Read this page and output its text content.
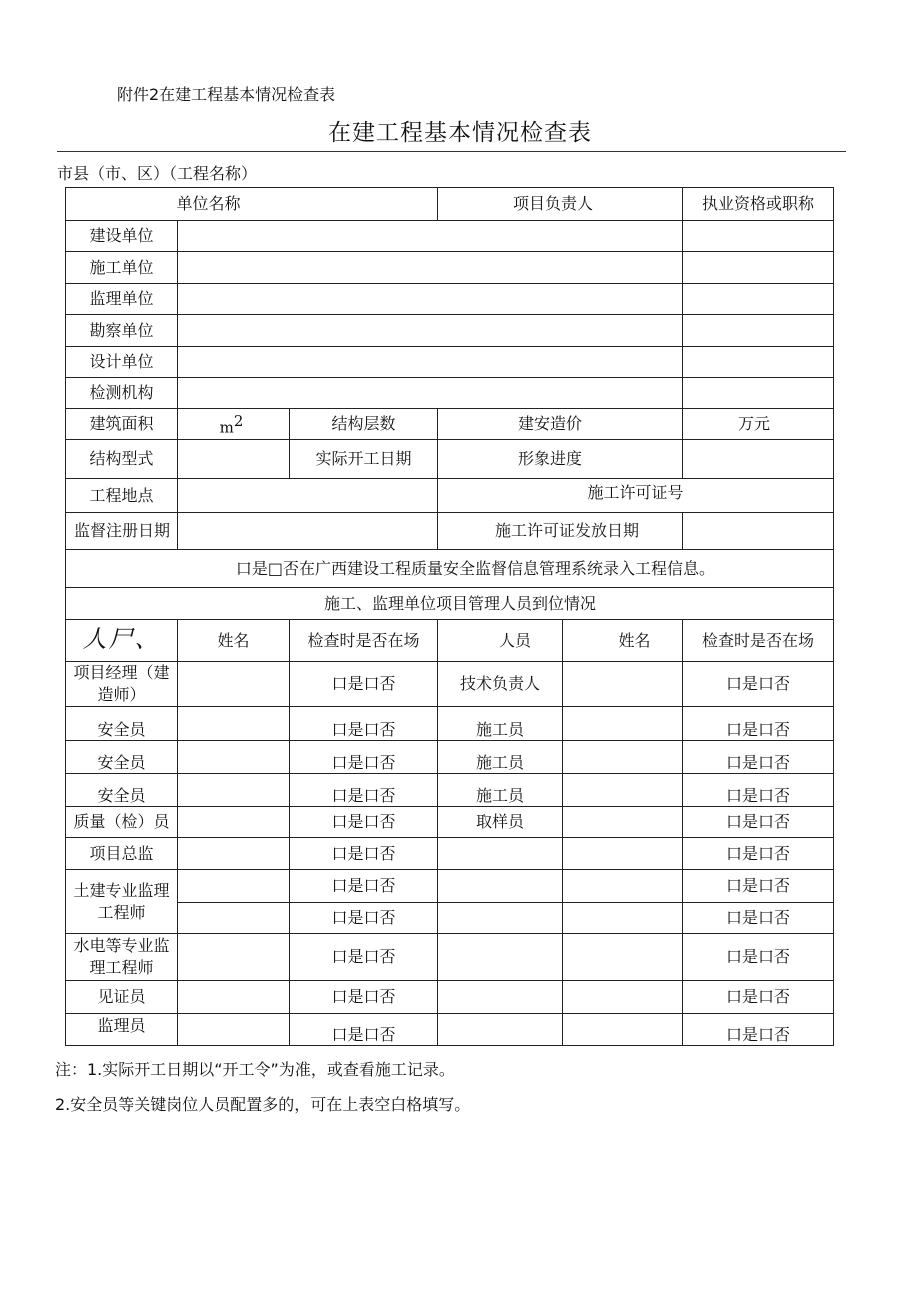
附件2在建工程基本情况检查表
在建工程基本情况检查表
市县（市、区）（工程名称）
单位名称			项目负责人		执业资格或职称
建设单位					
施工单位					
监理单位					
勘察单位					
设计单位					
检测机构					
建筑面积	m2	结构层数	建安造价		万元
结构型式		实际开工日期	形象进度		
工程地点			施工许可证号		
监督注册日期			施工许可证发放日期		
口是□否在广西建设工程质量安全监督信息管理系统录入工程信息。					
施工、监理单位项目管理人员到位情况					
人尸、	姓名	检查时是否在场	人员	姓名	检查时是否在场
项目经理（建造师）		口是口否	技术负责人		口是口否
安全员		口是口否	施工员		口是口否
安全员		口是口否	施工员		口是口否
安全员		口是口否	施工员		口是口否
质量（检）员		口是口否	取样员		口是口否
项目总监		口是口否			口是口否
土建专业监理工程师		口是口否			口是口否
		口是口否			口是口否
水电等专业监理工程师		口是口否			口是口否
见证员		口是口否			口是口否
监理员		口是口否			口是口否
注：1.实际开工日期以“开工令”为准，或查看施工记录。
2.安全员等关键岗位人员配置多的，可在上表空白格填写。
